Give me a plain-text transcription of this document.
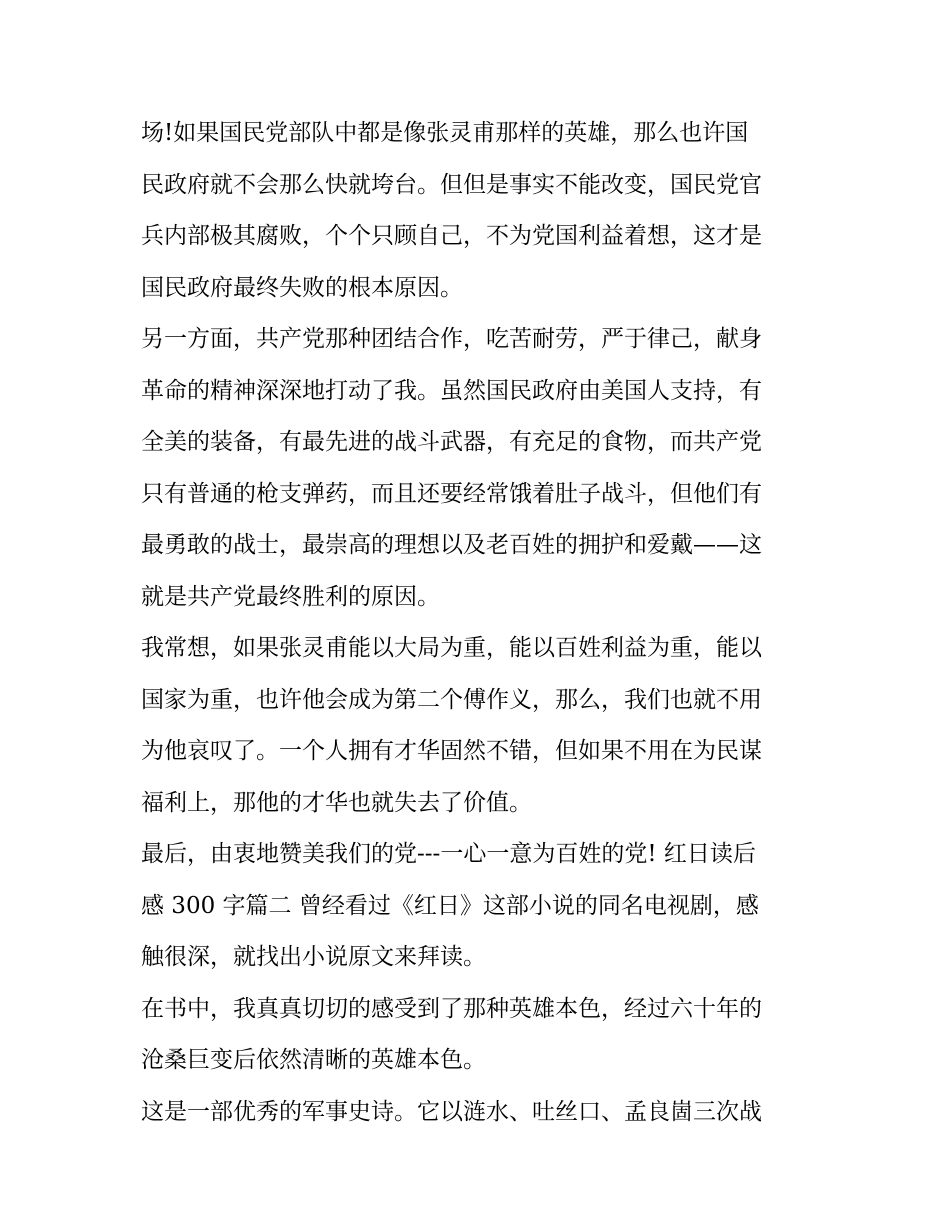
场!如果国民党部队中都是像张灵甫那样的英雄，那么也许国
民政府就不会那么快就垮台。但但是事实不能改变，国民党官
兵内部极其腐败，个个只顾自己，不为党国利益着想，这才是
国民政府最终失败的根本原因。
另一方面，共产党那种团结合作，吃苦耐劳，严于律己，献身
革命的精神深深地打动了我。虽然国民政府由美国人支持，有
全美的装备，有最先进的战斗武器，有充足的食物，而共产党
只有普通的枪支弹药，而且还要经常饿着肚子战斗，但他们有
最勇敢的战士，最崇高的理想以及老百姓的拥护和爱戴——这
就是共产党最终胜利的原因。
我常想，如果张灵甫能以大局为重，能以百姓利益为重，能以
国家为重，也许他会成为第二个傅作义，那么，我们也就不用
为他哀叹了。一个人拥有才华固然不错，但如果不用在为民谋
福利上，那他的才华也就失去了价值。
最后，由衷地赞美我们的党---一心一意为百姓的党! 红日读后
感 300 字篇二 曾经看过《红日》这部小说的同名电视剧，感
触很深，就找出小说原文来拜读。
在书中，我真真切切的感受到了那种英雄本色，经过六十年的
沧桑巨变后依然清晰的英雄本色。
这是一部优秀的军事史诗。它以涟水、吐丝口、孟良崮三次战
